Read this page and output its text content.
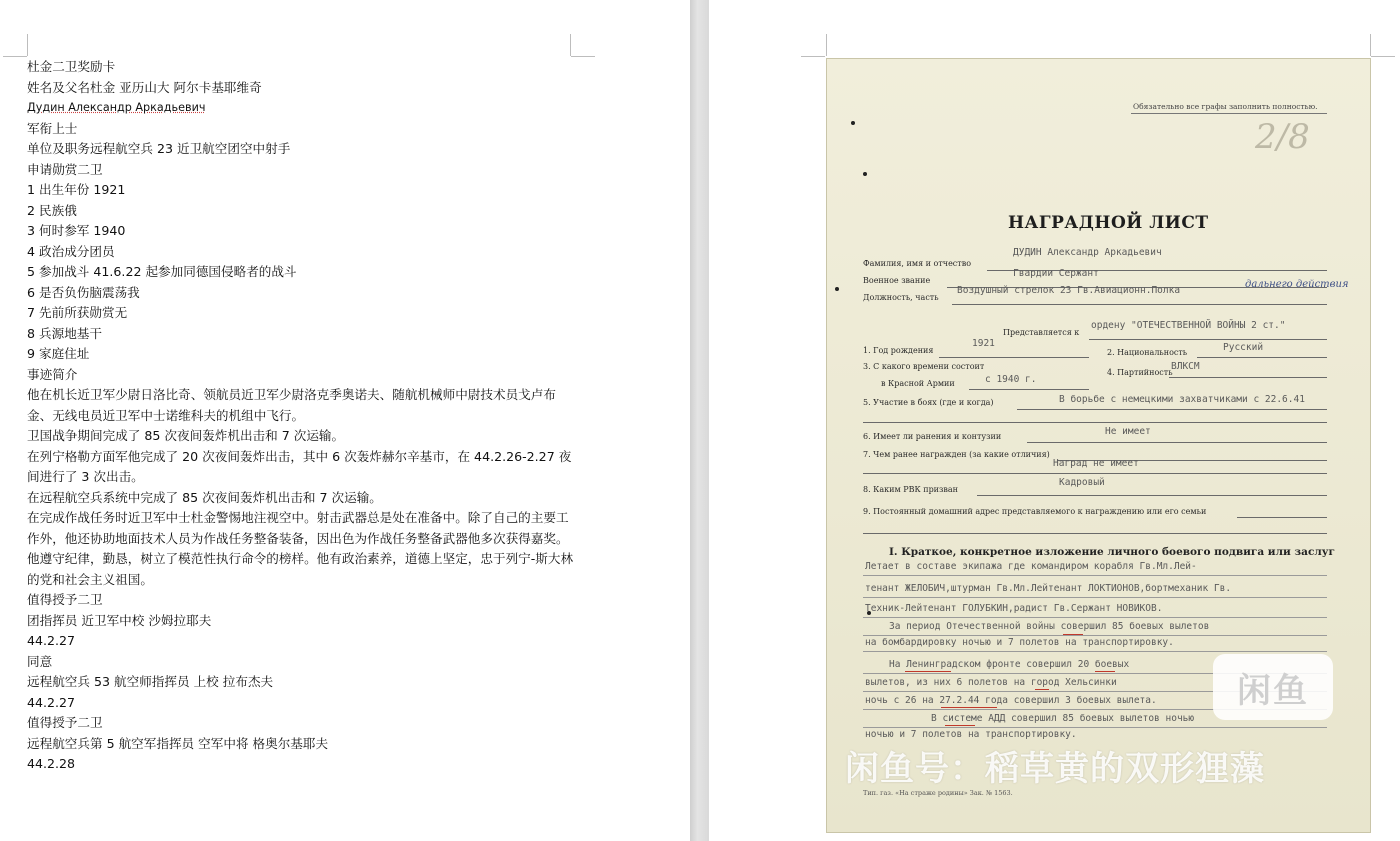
杜金二卫奖励卡
姓名及父名杜金 亚历山大 阿尔卡基耶维奇
Дудин Александр Аркадьевич
军衔上士
单位及职务远程航空兵 23 近卫航空团空中射手
申请勋赏二卫
1 出生年份 1921
2 民族俄
3 何时参军 1940
4 政治成分团员
5 参加战斗 41.6.22 起参加同德国侵略者的战斗
6 是否负伤脑震荡我
7 先前所获勋赏无
8 兵源地基干
9 家庭住址
事迹简介
他在机长近卫军少尉日洛比奇、领航员近卫军少尉洛克季奥诺夫、随航机械师中尉技术员戈卢布金、无线电员近卫军中士诺维科夫的机组中飞行。
卫国战争期间完成了 85 次夜间轰炸机出击和 7 次运输。
在列宁格勒方面军他完成了 20 次夜间轰炸出击，其中 6 次轰炸赫尔辛基市，在 44.2.26-2.27 夜间进行了 3 次出击。
在远程航空兵系统中完成了 85 次夜间轰炸机出击和 7 次运输。
在完成作战任务时近卫军中士杜金警惕地注视空中。射击武器总是处在准备中。除了自己的主要工作外，他还协助地面技术人员为作战任务整备装备，因出色为作战任务整备武器他多次获得嘉奖。
他遵守纪律，勤恳，树立了模范性执行命令的榜样。他有政治素养，道德上坚定，忠于列宁-斯大林的党和社会主义祖国。
值得授予二卫
团指挥员 近卫军中校 沙姆拉耶夫
44.2.27
同意
远程航空兵 53 航空师指挥员 上校 拉布杰夫
44.2.27
值得授予二卫
远程航空兵第 5 航空军指挥员 空军中将 格奥尔基耶夫
44.2.28
Обязательно все графы заполнить полностью.
2/8
НАГРАДНОЙ ЛИСТ
Фамилия, имя и отчество
ДУДИН Александр Аркадьевич
Военное звание
Гвардии Сержант
Должность, часть
Воздушный стрелок 23 Гв.Авиационн.Полка
дальнего действия
Представляется к
ордену "ОТЕЧЕСТВЕННОЙ ВОЙНЫ 2 ст."
1. Год рождения
1921
2. Национальность	Русский
3. С какого времени состоит
в Красной Армии	с 1940 г.
4. Партийность
ВЛКСМ
5. Участие в боях (где и когда)	В борьбе с немецкими захватчиками с 22.6.41
6. Имеет ли ранения и контузии	Не имеет
7. Чем ранее награжден (за какие отличия)
Наград не имеет
8. Каким РВК призван
Кадровый
9. Постоянный домашний адрес представляемого к награждению или его семьи
I. Краткое, конкретное изложение личного боевого подвига или заслуг
Летает в составе экипажа где командиром корабля Гв.Мл.Лей-
тенант ЖЕЛОБИЧ,штурман Гв.Мл.Лейтенант ЛОКТИОНОВ,бортмеханик Гв.
Техник-Лейтенант ГОЛУБКИН,радист Гв.Сержант НОВИКОВ.
За период Отечественной войны совершил 85 боевых вылетов
на бомбардировку ночью и 7 полетов на транспортировку.
На Ленинградском фронте совершил 20 боевых
вылетов, из них 6 полетов на город Хельсинки
ночь с 26 на 27.2.44 года совершил 3 боевых вылета.
В системе АДД совершил 85 боевых вылетов ночью
ночью и 7 полетов на транспортировку.
Тип. газ. «На страже родины» Зак. № 1563.
闲鱼
闲鱼号：稻草黄的双形狸藻
